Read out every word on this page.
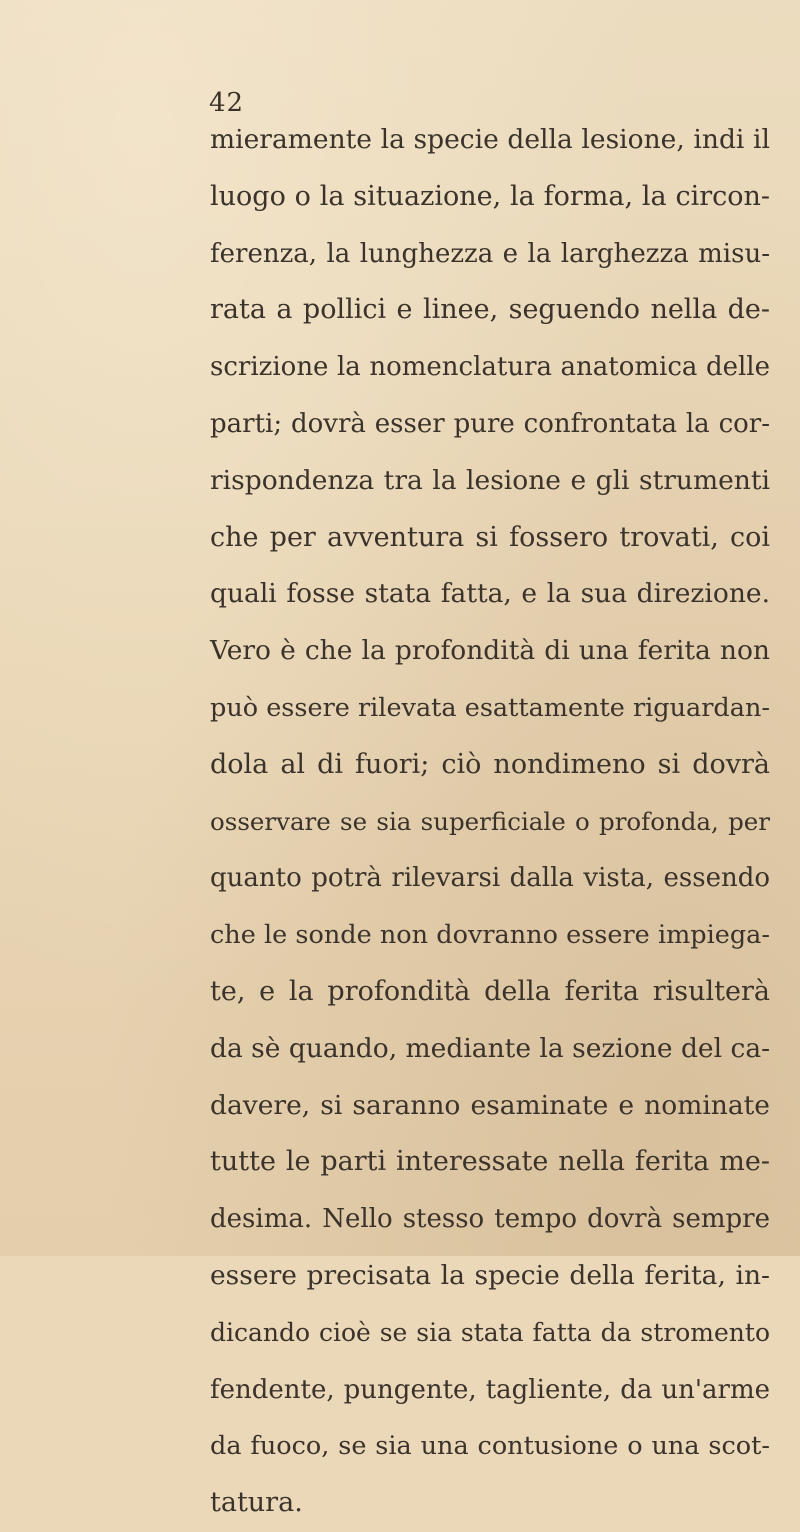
42
mieramente la specie della lesione, indi il
luogo o la situazione, la forma, la circon-
ferenza, la lunghezza e la larghezza misu-
rata a pollici e linee, seguendo nella de-
scrizione la nomenclatura anatomica delle
parti; dovrà esser pure confrontata la cor-
rispondenza tra la lesione e gli strumenti
che per avventura si fossero trovati, coi
quali fosse stata fatta, e la sua direzione.
Vero è che la profondità di una ferita non
può essere rilevata esattamente riguardan-
dola al di fuori; ciò nondimeno si dovrà
osservare se sia superficiale o profonda, per
quanto potrà rilevarsi dalla vista, essendo
che le sonde non dovranno essere impiega-
te, e la profondità della ferita risulterà
da sè quando, mediante la sezione del ca-
davere, si saranno esaminate e nominate
tutte le parti interessate nella ferita me-
desima. Nello stesso tempo dovrà sempre
essere precisata la specie della ferita, in-
dicando cioè se sia stata fatta da stromento
fendente, pungente, tagliente, da un'arme
da fuoco, se sia una contusione o una scot-
tatura.
